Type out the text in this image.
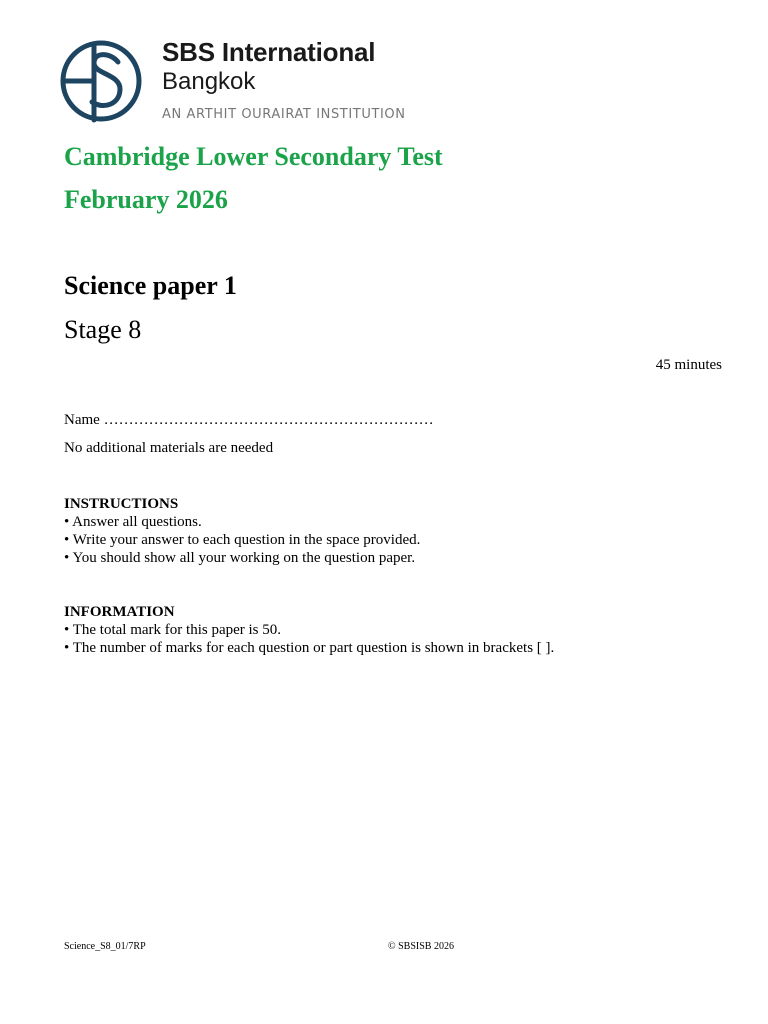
SBS International
Bangkok
AN ARTHIT OURAIRAT INSTITUTION
Cambridge Lower Secondary Test
February 2026
Science paper 1
Stage 8
45 minutes
Name …………………………………………………………
No additional materials are needed
INSTRUCTIONS
• Answer all questions.
• Write your answer to each question in the space provided.
• You should show all your working on the question paper.
INFORMATION
• The total mark for this paper is 50.
• The number of marks for each question or part question is shown in brackets [ ].
Science_S8_01/7RP	© SBSISB 2026
